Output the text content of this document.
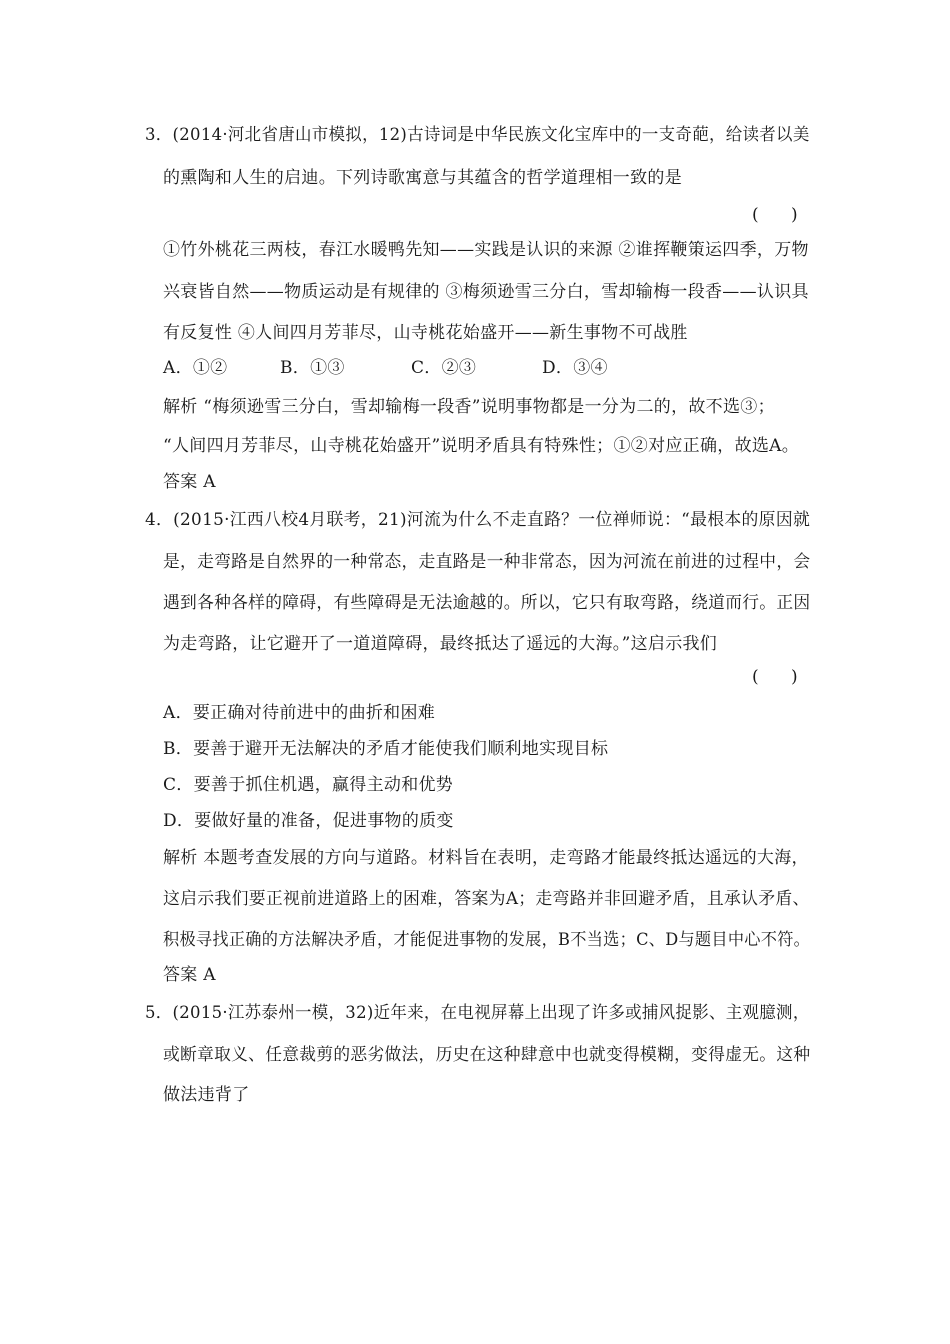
3．(2014·河北省唐山市模拟，12)古诗词是中华民族文化宝库中的一支奇葩，给读者以美
的熏陶和人生的启迪。下列诗歌寓意与其蕴含的哲学道理相一致的是
(      )
①竹外桃花三两枝，春江水暖鸭先知——实践是认识的来源 ②谁挥鞭策运四季，万物
兴衰皆自然——物质运动是有规律的 ③梅须逊雪三分白，雪却输梅一段香——认识具
有反复性 ④人间四月芳菲尽，山寺桃花始盛开——新生事物不可战胜
A．①②	B．①③	C．②③	D．③④
解析 “梅须逊雪三分白，雪却输梅一段香”说明事物都是一分为二的，故不选③；
“人间四月芳菲尽，山寺桃花始盛开”说明矛盾具有特殊性；①②对应正确，故选A。
答案 A
4．(2015·江西八校4月联考，21)河流为什么不走直路？一位禅师说：“最根本的原因就
是，走弯路是自然界的一种常态，走直路是一种非常态，因为河流在前进的过程中，会
遇到各种各样的障碍，有些障碍是无法逾越的。所以，它只有取弯路，绕道而行。正因
为走弯路，让它避开了一道道障碍，最终抵达了遥远的大海。”这启示我们
(      )
A．要正确对待前进中的曲折和困难
B．要善于避开无法解决的矛盾才能使我们顺利地实现目标
C．要善于抓住机遇，赢得主动和优势
D．要做好量的准备，促进事物的质变
解析 本题考查发展的方向与道路。材料旨在表明，走弯路才能最终抵达遥远的大海，
这启示我们要正视前进道路上的困难，答案为A；走弯路并非回避矛盾，且承认矛盾、
积极寻找正确的方法解决矛盾，才能促进事物的发展，B不当选；C、D与题目中心不符。
答案 A
5．(2015·江苏泰州一模，32)近年来，在电视屏幕上出现了许多或捕风捉影、主观臆测，
或断章取义、任意裁剪的恶劣做法，历史在这种肆意中也就变得模糊，变得虚无。这种
做法违背了
